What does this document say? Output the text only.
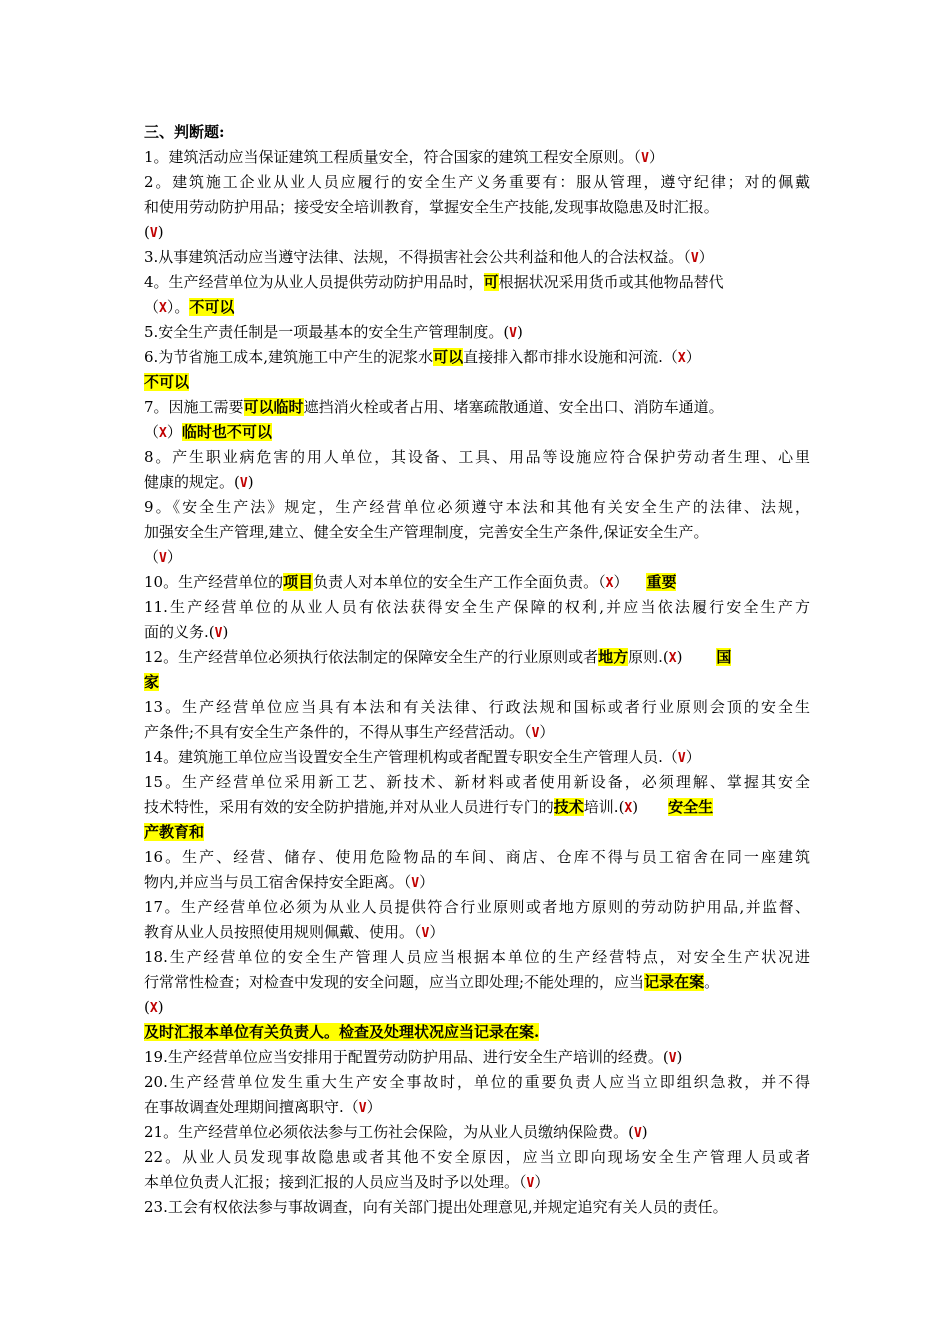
三、判断题:
1。建筑活动应当保证建筑工程质量安全，符合国家的建筑工程安全原则。（V）
2。建筑施工企业从业人员应履行的安全生产义务重要有：服从管理，遵守纪律；对的佩戴
和使用劳动防护用品；接受安全培训教育，掌握安全生产技能,发现事故隐患及时汇报。
(V)
3.从事建筑活动应当遵守法律、法规，不得损害社会公共利益和他人的合法权益。（V）
4。生产经营单位为从业人员提供劳动防护用品时，可根据状况采用货币或其他物品替代
（X）。不可以
5.安全生产责任制是一项最基本的安全生产管理制度。(V)
6.为节省施工成本,建筑施工中产生的泥浆水可以直接排入都市排水设施和河流.（X）
不可以
7。因施工需要可以临时遮挡消火栓或者占用、堵塞疏散通道、安全出口、消防车通道。
（X）临时也不可以
8。产生职业病危害的用人单位，其设备、工具、用品等设施应符合保护劳动者生理、心里
健康的规定。(V)
9。《安全生产法》规定，生产经营单位必须遵守本法和其他有关安全生产的法律、法规，
加强安全生产管理,建立、健全安全生产管理制度，完善安全生产条件,保证安全生产。
（V）
10。生产经营单位的项目负责人对本单位的安全生产工作全面负责。（X） 重要
11.生产经营单位的从业人员有依法获得安全生产保障的权利,并应当依法履行安全生产方
面的义务.(V)
12。生产经营单位必须执行依法制定的保障安全生产的行业原则或者地方原则.(X) 国
家
13。生产经营单位应当具有本法和有关法律、行政法规和国标或者行业原则会顶的安全生
产条件;不具有安全生产条件的，不得从事生产经营活动。（V）
14。建筑施工单位应当设置安全生产管理机构或者配置专职安全生产管理人员.（V）
15。生产经营单位采用新工艺、新技术、新材料或者使用新设备，必须理解、掌握其安全
技术特性，采用有效的安全防护措施,并对从业人员进行专门的技术培训.(X) 安全生
产教育和
16。生产、经营、储存、使用危险物品的车间、商店、仓库不得与员工宿舍在同一座建筑
物内,并应当与员工宿舍保持安全距离。（V）
17。生产经营单位必须为从业人员提供符合行业原则或者地方原则的劳动防护用品,并监督、
教育从业人员按照使用规则佩戴、使用。（V）
18.生产经营单位的安全生产管理人员应当根据本单位的生产经营特点，对安全生产状况进
行常常性检查；对检查中发现的安全问题，应当立即处理;不能处理的，应当记录在案。
(X)
及时汇报本单位有关负责人。检查及处理状况应当记录在案.
19.生产经营单位应当安排用于配置劳动防护用品、进行安全生产培训的经费。(V)
20.生产经营单位发生重大生产安全事故时，单位的重要负责人应当立即组织急救，并不得
在事故调查处理期间擅离职守.（V）
21。生产经营单位必须依法参与工伤社会保险，为从业人员缴纳保险费。(V)
22。从业人员发现事故隐患或者其他不安全原因，应当立即向现场安全生产管理人员或者
本单位负责人汇报；接到汇报的人员应当及时予以处理。（V）
23.工会有权依法参与事故调查，向有关部门提出处理意见,并规定追究有关人员的责任。
